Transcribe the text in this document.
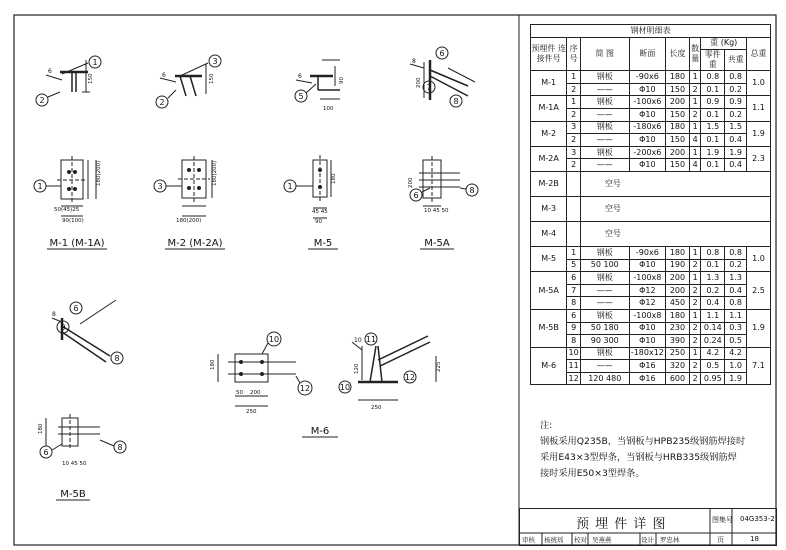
1
2
3
2
5
6
7
8
1	3	1	8
6
6
9
8
8
6
10
12
11
10
12
6
6	6
8
8
10
150	150	90
100
200
180(200)
50(45)25
90(100)
180(200)
180(200)
180
45 45
90
200
10 45 50
180
10 45 50
180
50 200
250
250
225
120
M-1 (M-1A)	M-2 (M-2A)	M-5	M-5A
M-6
M-5B
钢材明细表								
预埋件 连接件号	序号	简 图	断面	长度	数量	重 (Kg)		总重
						零件重	共重	
M-1	1	钢板	-90x6	180	1	0.8	0.8	1.0
	2	——	Φ10	150	2	0.1	0.2	
M-1A	1	钢板	-100x6	200	1	0.9	0.9	1.1
	2	——	Φ10	150	2	0.1	0.2	
M-2	3	钢板	-180x6	180	1	1.5	1.5	1.9
	2	——	Φ10	150	4	0.1	0.4	
M-2A	3	钢板	-200x6	200	1	1.9	1.9	2.3
	2	——	Φ10	150	4	0.1	0.4	
M-2B		空号						
M-3		空号						
M-4		空号						
M-5	1	钢板	-90x6	180	1	0.8	0.8	1.0
	5	50 100	Φ10	190	2	0.1	0.2	
M-5A	6	钢板	-100x8	200	1	1.3	1.3	2.5
	7	——	Φ12	200	2	0.2	0.4	
	8	——	Φ12	450	2	0.4	0.8	
M-5B	6	钢板	-100x8	180	1	1.1	1.1	1.9
	9	50 180	Φ10	230	2	0.14	0.3	
	8	90 300	Φ10	390	2	0.24	0.5	
M-6	10	钢板	-180x12	250	1	4.2	4.2	7.1
	11	——	Φ16	320	2	0.5	1.0	
	12	120 480	Φ16	600	2	0.95	1.9	
注:
钢板采用Q235B，当钢板与HPB235级钢筋焊接时
采用E43×3型焊条，当钢板与HRB335级钢筋焊
接时采用E50×3型焊条。
预 埋 件 详 图	图集号 04G353-2
页	18
审核 杨统瑶 校对 吴燕燕	设计 罗忠林
